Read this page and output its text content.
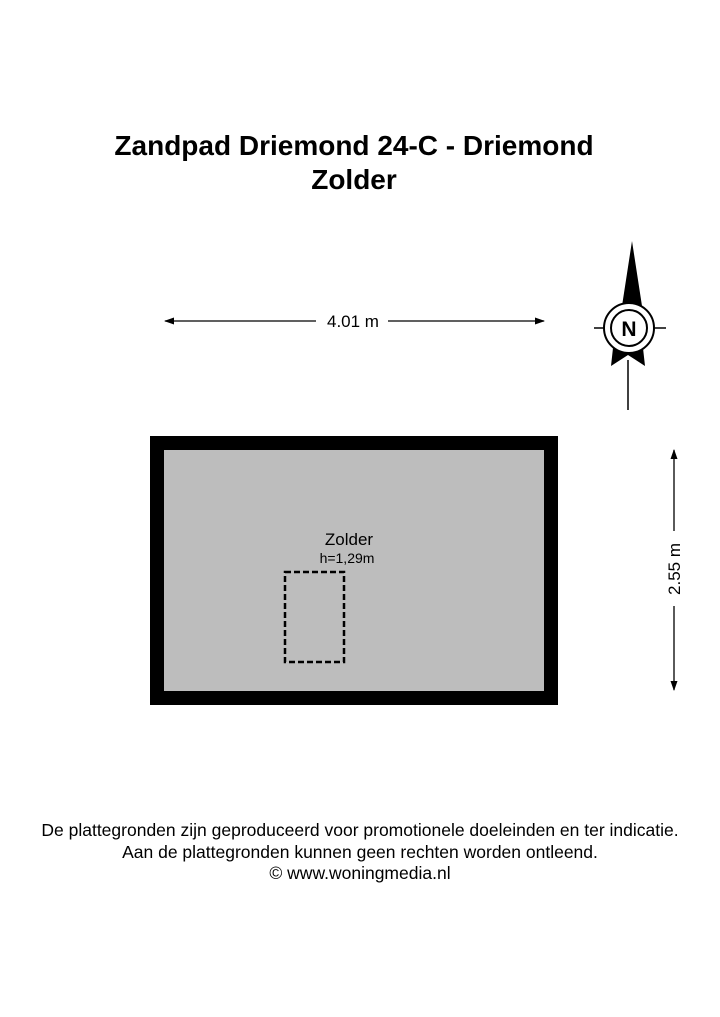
Zandpad Driemond 24-C - Driemond
Zolder
4.01 m	N
Zolder
h=1,29m	2.55 m
De plattegronden zijn geproduceerd voor promotionele doeleinden en ter indicatie.
Aan de plattegronden kunnen geen rechten worden ontleend.
© www.woningmedia.nl
